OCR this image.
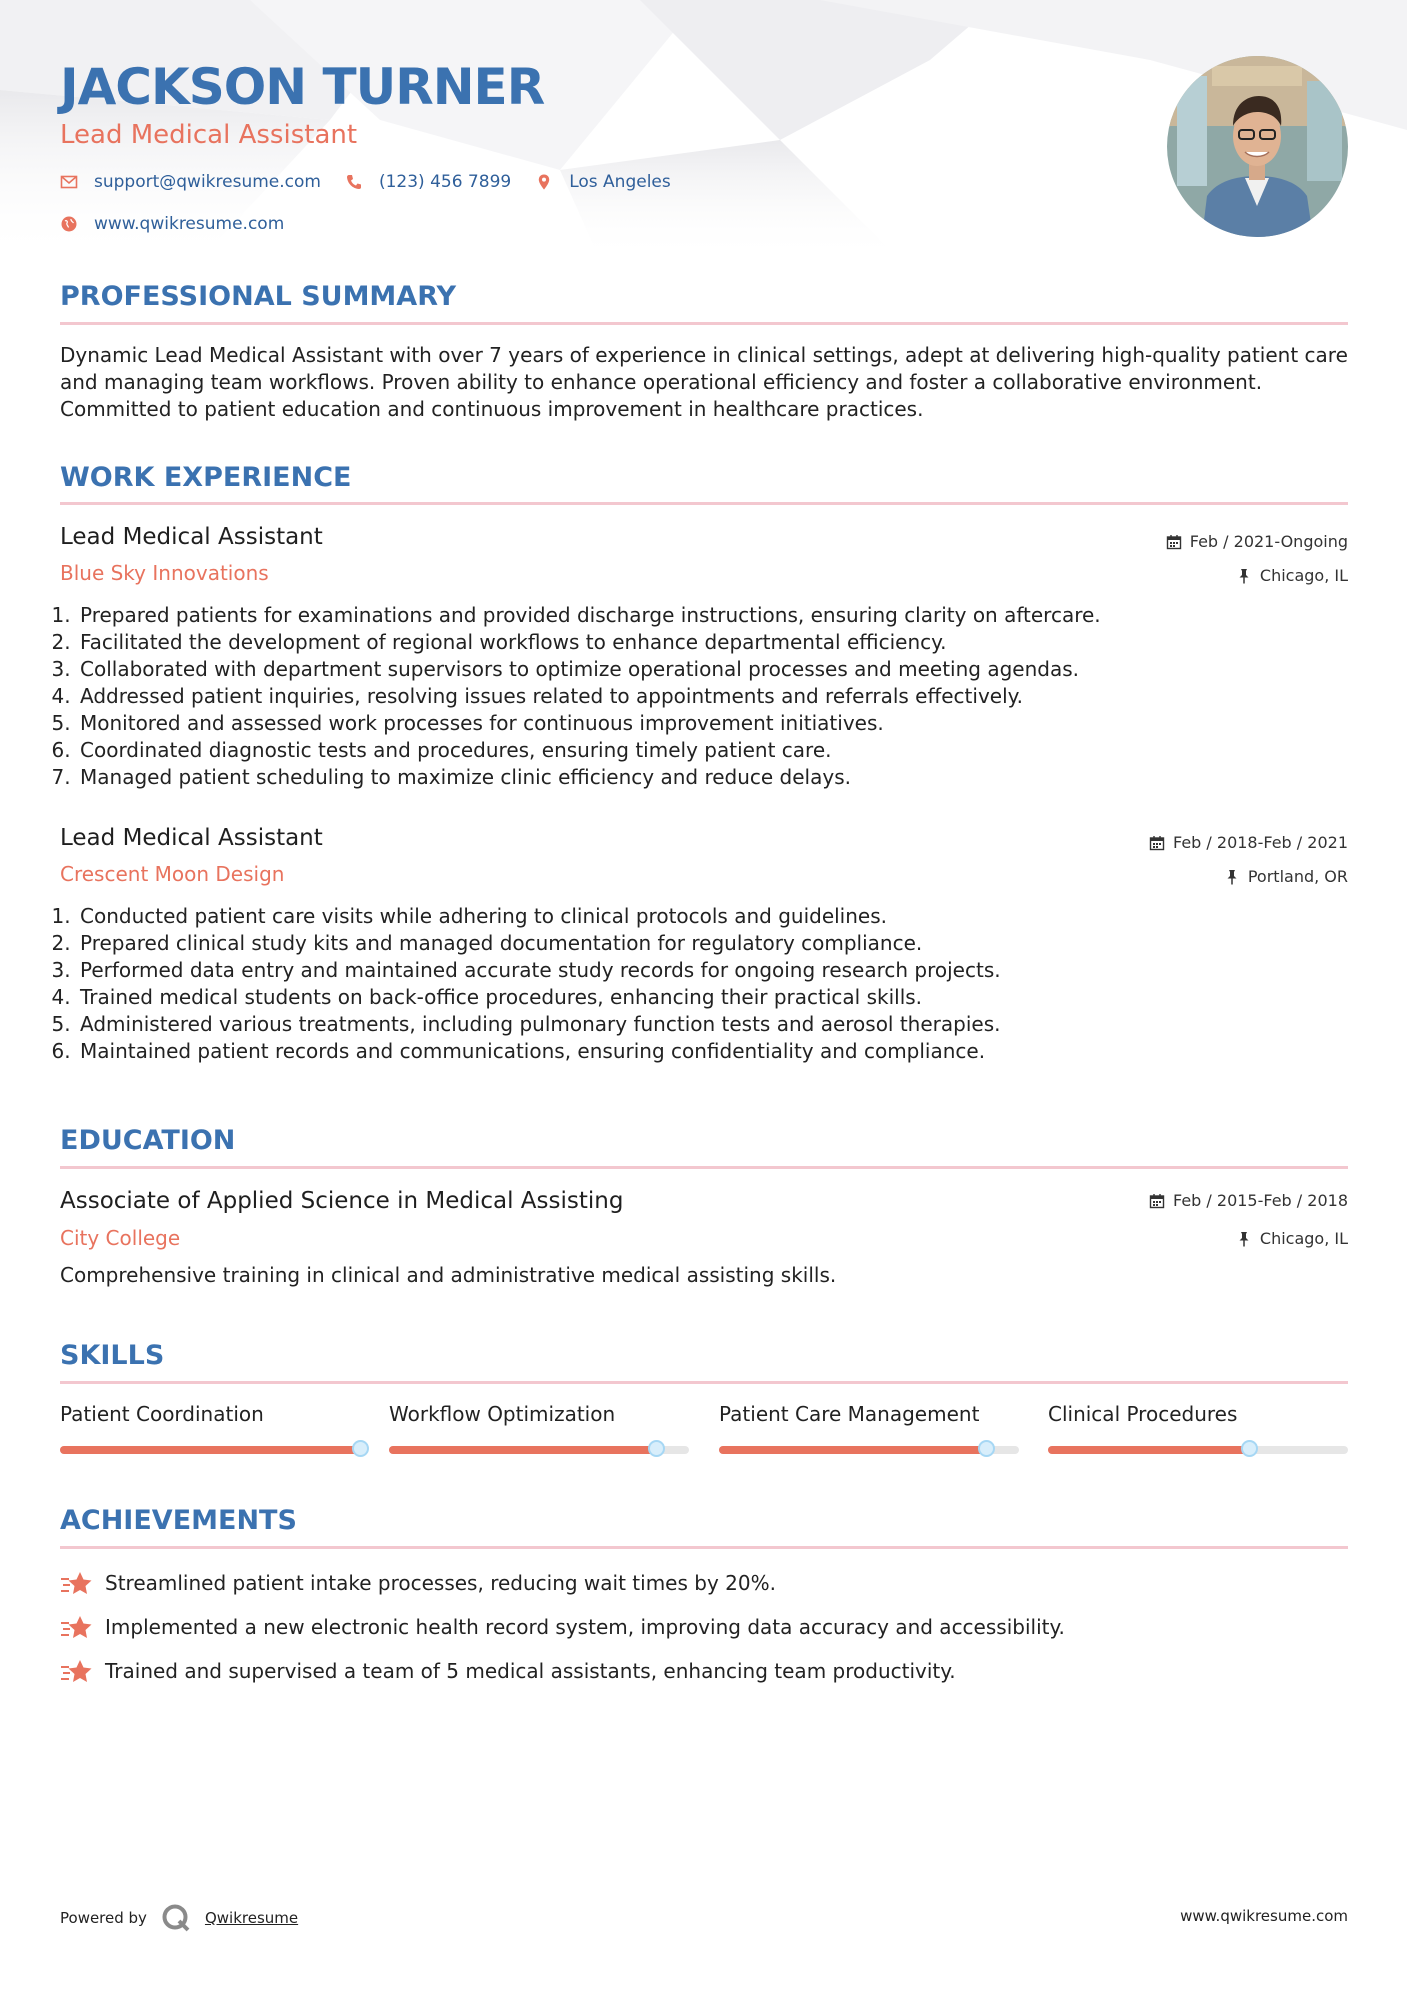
JACKSON TURNER
Lead Medical Assistant
support@qwikresume.com	(123) 456 7899	Los Angeles
www.qwikresume.com
PROFESSIONAL SUMMARY

Dynamic Lead Medical Assistant with over 7 years of experience in clinical settings, adept at delivering high-quality patient care and managing team workflows. Proven ability to enhance operational efficiency and foster a collaborative environment. Committed to patient education and continuous improvement in healthcare practices.

WORK EXPERIENCE
Lead Medical Assistant
Blue Sky Innovations
Feb / 2021-Ongoing
Chicago, IL
1. Prepared patients for examinations and provided discharge instructions, ensuring clarity on aftercare.
2. Facilitated the development of regional workflows to enhance departmental efficiency.
3. Collaborated with department supervisors to optimize operational processes and meeting agendas.
4. Addressed patient inquiries, resolving issues related to appointments and referrals effectively.
5. Monitored and assessed work processes for continuous improvement initiatives.
6. Coordinated diagnostic tests and procedures, ensuring timely patient care.
7. Managed patient scheduling to maximize clinic efficiency and reduce delays.
Lead Medical Assistant
Crescent Moon Design
Feb / 2018-Feb / 2021
Portland, OR
1. Conducted patient care visits while adhering to clinical protocols and guidelines.
2. Prepared clinical study kits and managed documentation for regulatory compliance.
3. Performed data entry and maintained accurate study records for ongoing research projects.
4. Trained medical students on back-office procedures, enhancing their practical skills.
5. Administered various treatments, including pulmonary function tests and aerosol therapies.
6. Maintained patient records and communications, ensuring confidentiality and compliance.
EDUCATION
Associate of Applied Science in Medical Assisting
City College
Feb / 2015-Feb / 2018
Chicago, IL
Comprehensive training in clinical and administrative medical assisting skills.
SKILLS
Patient Coordination	Workflow Optimization	Patient Care Management	Clinical Procedures
ACHIEVEMENTS
Streamlined patient intake processes, reducing wait times by 20%.
Implemented a new electronic health record system, improving data accuracy and accessibility.
Trained and supervised a team of 5 medical assistants, enhancing team productivity.
Powered by	Qwikresume	www.qwikresume.com
